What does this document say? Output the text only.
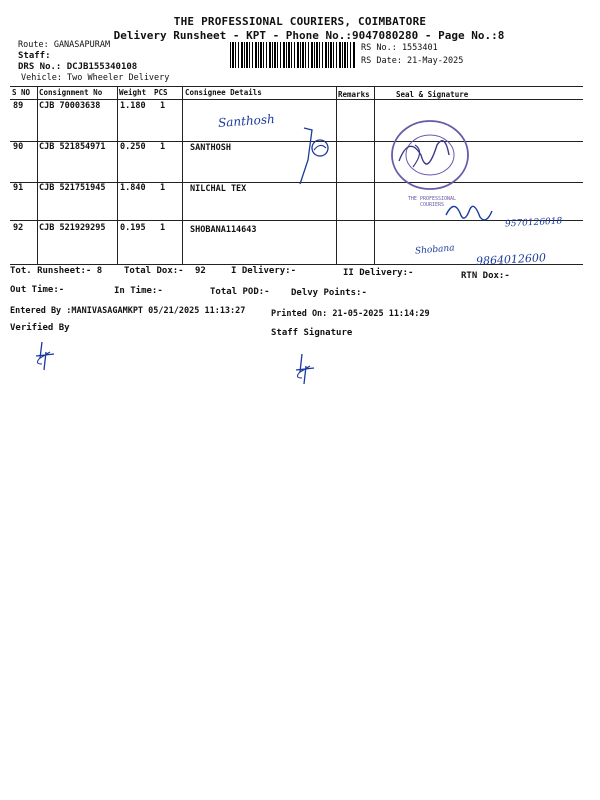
THE PROFESSIONAL COURIERS, COIMBATORE
Delivery Runsheet - KPT - Phone No.:9047080280 - Page No.:8
Route: GANASAPURAM
Staff:
DRS No.: DCJB155340108
Vehicle: Two Wheeler Delivery
RS No.: 1553401
RS Date: 21-May-2025
S NO Consignment No Weight PCS Consignee Details	Remarks	Seal & Signature
89 CJB 70003638 1.180 1
90 CJB 521854971 0.250 1	SANTHOSH
91 CJB 521751945 1.840 1	NILCHAL TEX
92 CJB 521929295 0.195 1	SHOBANA114643
Santhosh
THE PROFESSIONAL COURIERS
9570126018
Shobana
9864012600
Tot. Runsheet:- 8 Total Dox:- 92	I Delivery:-	II Delivery:-	RTN Dox:-
Out Time:-	In Time:-	Total POD:- Delvy Points:-
Entered By :MANIVASAGAMKPT 05/21/2025 11:13:27	Printed On: 21-05-2025 11:14:29
Verified By	Staff Signature
